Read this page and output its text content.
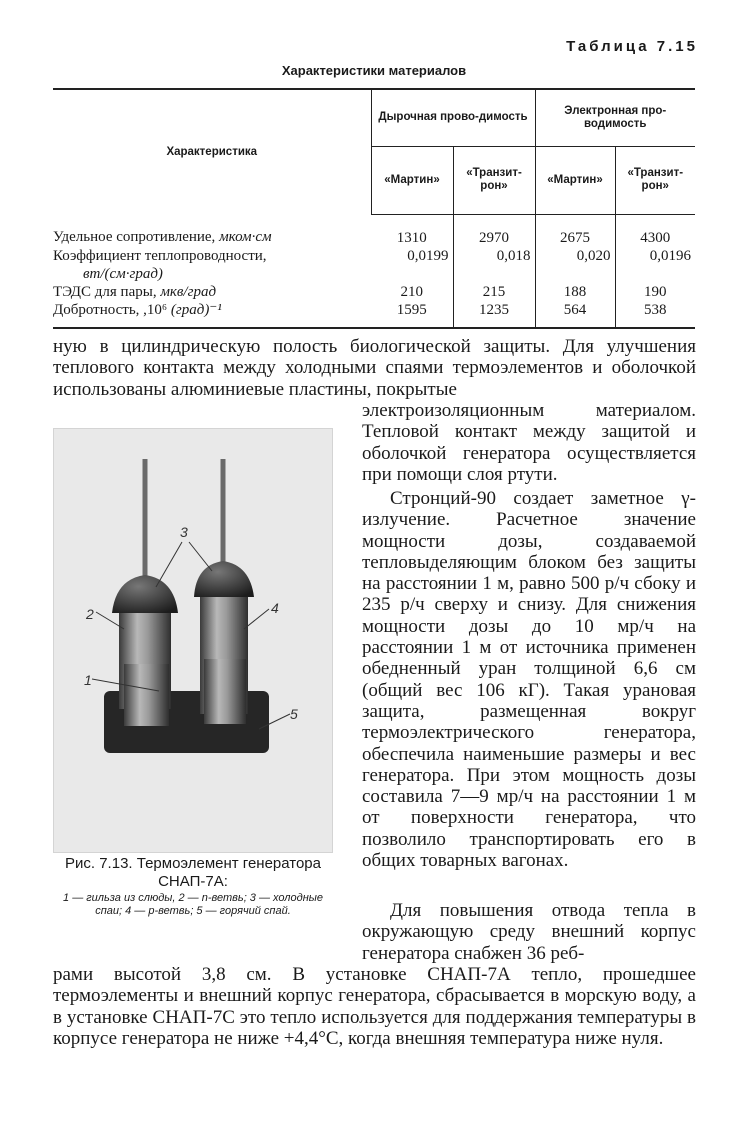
Таблица 7.15
Характеристики материалов
Характеристика	Дырочная прово-димость		Электронная про-водимость	
	«Мартин»	«Транзит-рон»	«Мартин»	«Транзит-рон»
Удельное сопротивление, мком·см	1310	2970	2675	4300
Коэффициент теплопроводности,	0,0199	0,018	0,020	0,0196
вт/(см·град)				
ТЭДС для пары, мкв/град	210	215	188	190
Добротность, ,10⁶ (град)⁻¹	1595	1235	564	538
ную в цилиндрическую полость биологической защиты. Для улучшения теплового контакта между холодными спаями термоэлементов и оболочкой использованы алюминиевые пластины, покрытые
электроизоляционным материалом. Тепловой контакт между защитой и оболочкой генератора осуществляется при помощи слоя ртути.
Стронций-90 создает заметное γ-излучение. Расчетное значение мощности дозы, создаваемой тепловыделяющим блоком без защиты на расстоянии 1 м, равно 500 р/ч сбоку и 235 р/ч сверху и снизу. Для снижения мощности дозы до 10 мр/ч на расстоянии 1 м от источника применен обедненный уран толщиной 6,6 см (общий вес 106 кГ). Такая урановая защита, размещенная вокруг термоэлектрического генератора, обеспечила наименьшие размеры и вес генератора. При этом мощность дозы составила 7—9 мр/ч на расстоянии 1 м от поверхности генератора, что позволило транспортировать его в общих товарных вагонах.
Для повышения отвода тепла в окружающую среду внешний корпус генератора снабжен 36 реб-
рами высотой 3,8 см. В установке СНАП-7А тепло, прошедшее термоэлементы и внешний корпус генератора, сбрасывается в морскую воду, а в установке СНАП-7С это тепло используется для поддержания температуры в корпусе генератора не ниже +4,4°С, когда внешняя температура ниже нуля.
3
2	4
1
5
Рис. 7.13. Термоэлемент генератора СНАП-7А:
1 — гильза из слюды, 2 — n-ветвь; 3 — холодные спаи; 4 — p-ветвь; 5 — горячий спай.
